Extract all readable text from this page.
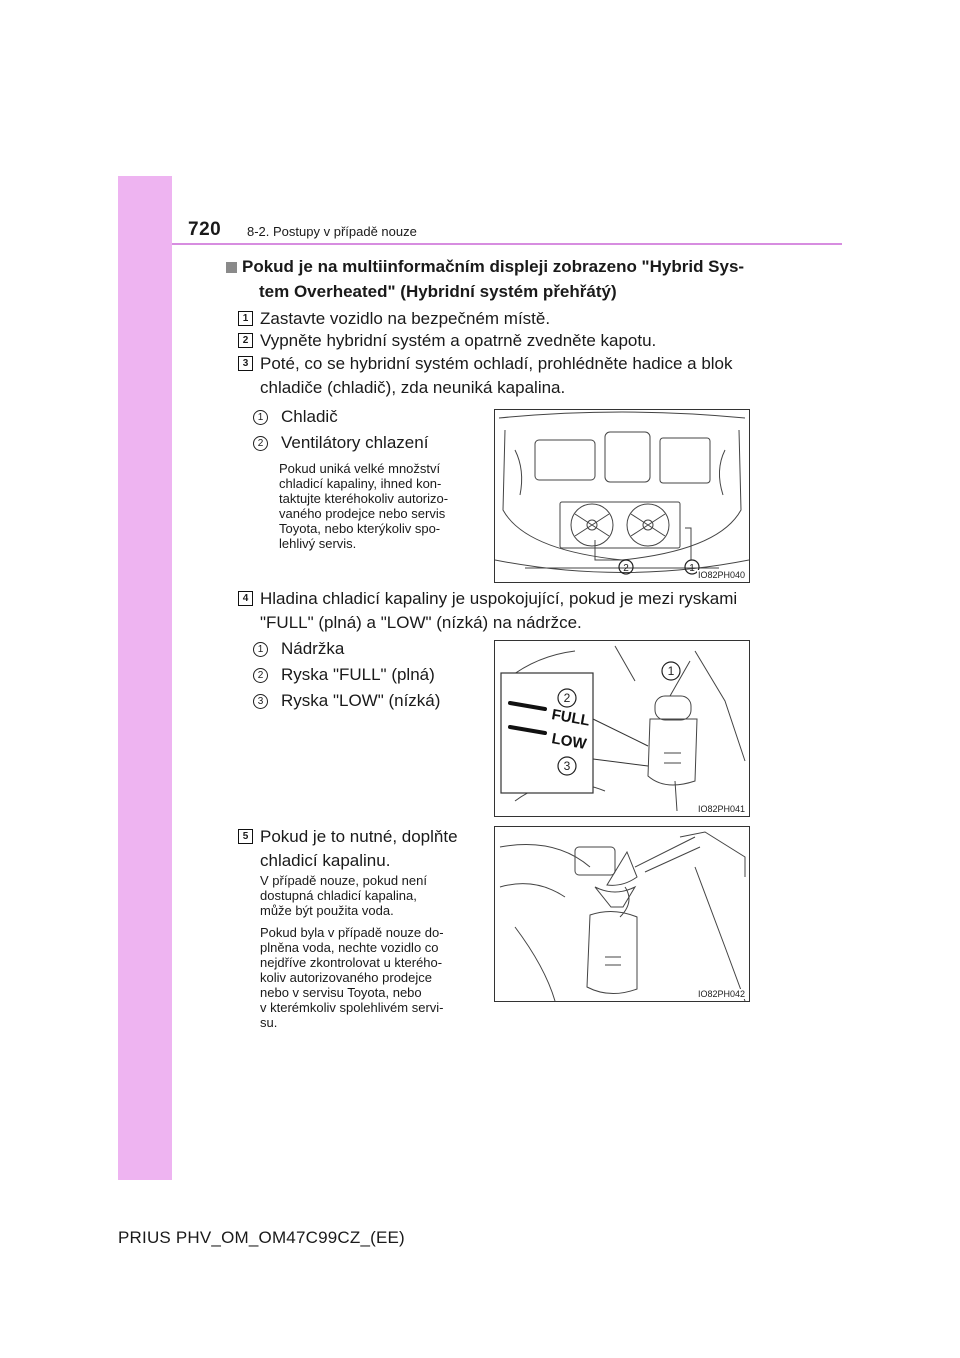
720 8-2. Postupy v případě nouze
Pokud je na multiinformačním displeji zobrazeno "Hybrid Sys-
tem Overheated" (Hybridní systém přehřátý)
1 Zastavte vozidlo na bezpečném místě.
2 Vypněte hybridní systém a opatrně zvedněte kapotu.
3 Poté, co se hybridní systém ochladí, prohlédněte hadice a blok
chladiče (chladič), zda neuniká kapalina.
1 Chladič
2 Ventilátory chlazení
Pokud uniká velké množství
chladicí kapaliny, ihned kon-
taktujte kteréhokoliv autorizo-
vaného prodejce nebo servis
Toyota, nebo kterýkoliv spo-
lehlivý servis.
2	1
IO82PH040
4 Hladina chladicí kapaliny je uspokojující, pokud je mezi ryskami
"FULL" (plná) a "LOW" (nízká) na nádržce.
1 Nádržka
2 Ryska "FULL" (plná)
3 Ryska "LOW" (nízká)
FULL
LOW
1
2
3
IO82PH041
5 Pokud je to nutné, doplňte
chladicí kapalinu.
V případě nouze, pokud není
dostupná chladicí kapalina,
může být použita voda.
Pokud byla v případě nouze do-
plněna voda, nechte vozidlo co
nejdříve zkontrolovat u kterého-
koliv autorizovaného prodejce
nebo v servisu Toyota, nebo
v kterémkoliv spolehlivém servi-
su.
IO82PH042
PRIUS PHV_OM_OM47C99CZ_(EE)
